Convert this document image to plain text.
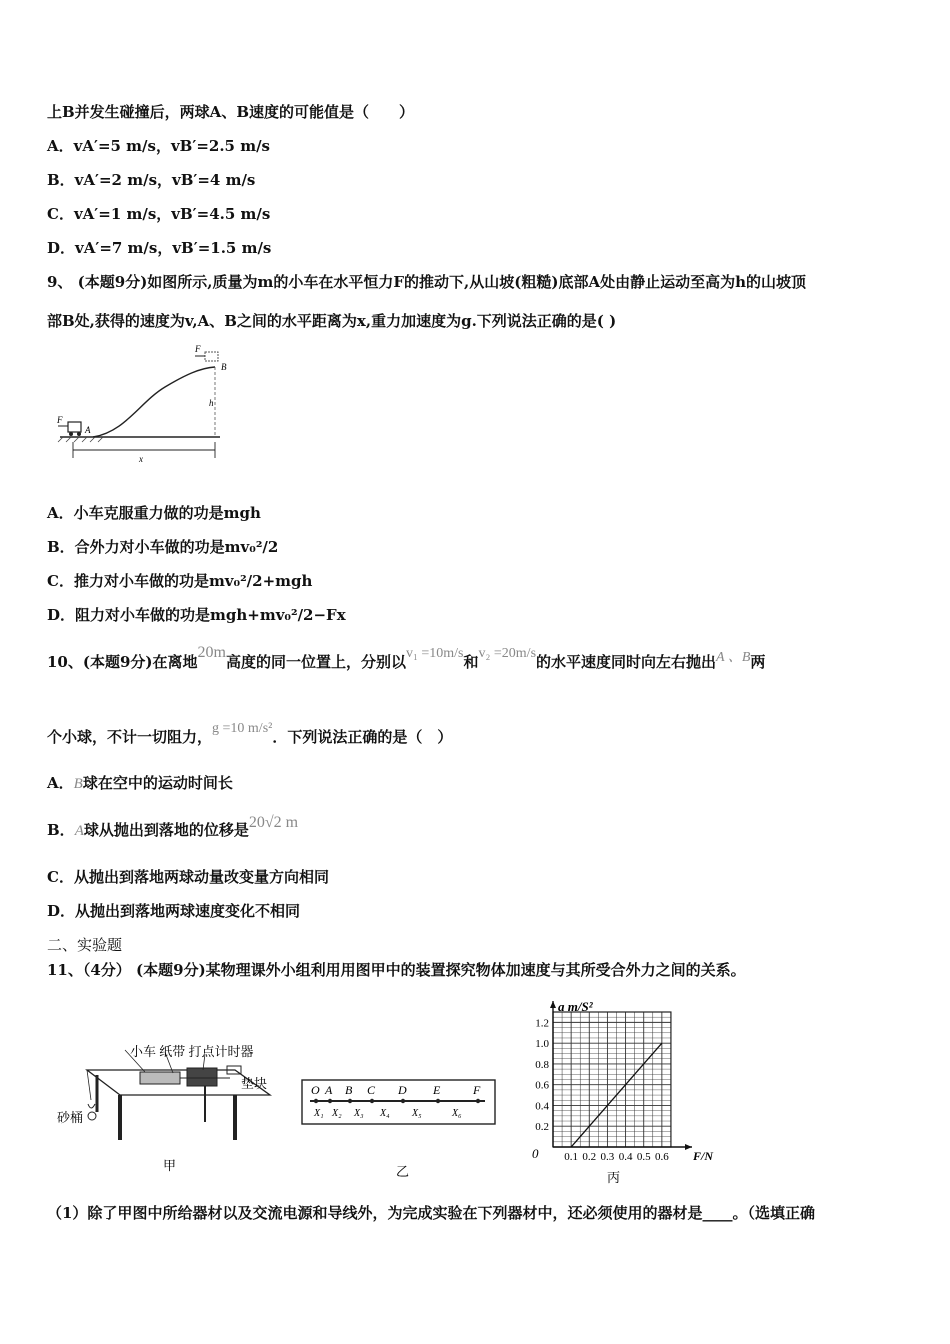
上B并发生碰撞后，两球A、B速度的可能值是（　　）
A．vA′=5 m/s，vB′=2.5 m/s
B．vA′=2 m/s，vB′=4 m/s
C．vA′=1 m/s，vB′=4.5 m/s
D．vA′=7 m/s，vB′=1.5 m/s
9、 (本题9分)如图所示,质量为m的小车在水平恒力F的推动下,从山坡(粗糙)底部A处由静止运动至高为h的山坡顶
部B处,获得的速度为v,A、B之间的水平距离为x,重力加速度为g.下列说法正确的是( )
F
A
F
B
h
x
A．小车克服重力做的功是mgh
B．合外力对小车做的功是mv₀²/2
C．推力对小车做的功是mv₀²/2+mgh
D．阻力对小车做的功是mgh+mv₀²/2−Fx
10、(本题9分)在离地20m高度的同一位置上，分别以v₁ =10m/s和v₂ =20m/s的水平速度同时向左右抛出A 、B两
个小球，不计一切阻力，g =10 m/s²．下列说法正确的是（　）
A．B球在空中的运动时间长
B．A球从抛出到落地的位移是20√2 m
C．从抛出到落地两球动量改变量方向相同
D．从抛出到落地两球速度变化不相同
二、实验题
11、（4分） (本题9分)某物理课外小组利用用图甲中的装置探究物体加速度与其所受合外力之间的关系。
小车 纸带 打点计时器
垫块
砂桶
甲
O A B C D E	F
X₁ X₂ X₃ X₄ X₅	X₆
乙
0.1 0.2 0.3 0.4 0.5 0.6
0.2
0.4
0.6
0.8
1.0
1.2
a m/S²
F/N
0
丙
（1）除了甲图中所给器材以及交流电源和导线外，为完成实验在下列器材中，还必须使用的器材是____。（选填正确
